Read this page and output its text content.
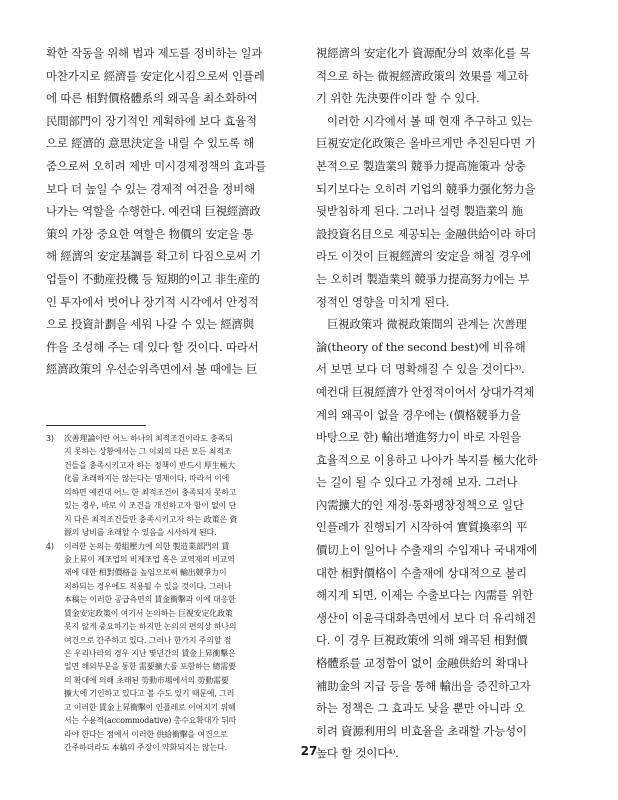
확한 작동을 위해 법과 제도를 정비하는 일과
마찬가지로 經濟를 安定化시킴으로써 인플레
에 따른 相對價格體系의 왜곡을 최소화하여
民間部門이 장기적인 계획하에 보다 효율적
으로 經濟的 意思決定을 내릴 수 있도록 해
줌으로써 오히려 제반 미시경제정책의 효과를
보다 더 높일 수 있는 경제적 여건을 정비해
나가는 역할을 수행한다. 예컨대 巨視經濟政
策의 가장 중요한 역할은 物價의 安定을 통
해 經濟의 安定基調를 확고히 다짐으로써 기
업들이 不動産投機 등 短期的이고 非生産的
인 투자에서 벗어나 장기적 시각에서 안정적
으로 投資計劃을 세워 나갈 수 있는 經濟與
件을 조성해 주는 데 있다 할 것이다. 따라서
經濟政策의 우선순위측면에서 볼 때에는 巨
視經濟의 安定化가 資源配分의 效率化를 목
적으로 하는 微視經濟政策의 效果를 제고하
기 위한 先決要件이라 할 수 있다.
이러한 시각에서 볼 때 현재 추구하고 있는
巨視安定化政策은 올바르게만 추진된다면 기
본적으로 製造業의 競爭力提高施策과 상충
되기보다는 오히려 기업의 競爭力强化努力을
뒷받침하게 된다. 그러나 설령 製造業의 施
設投資名目으로 제공되는 金融供給이라 하더
라도 이것이 巨視經濟의 安定을 해칠 경우에
는 오히려 製造業의 競爭力提高努力에는 부
정적인 영향을 미치게 된다.
巨視政策과 微視政策間의 관계는 次善理
論(theory of the second best)에 비유해
서 보면 보다 더 명확해질 수 있을 것이다³⁾.
예컨대 巨視經濟가 안정적이어서 상대가격체
계의 왜곡이 없을 경우에는 (價格競爭力을
바탕으로 한) 輸出增進努力이 바로 자원을
효율적으로 이용하고 나아가 복지를 極大化하
는 길이 될 수 있다고 가정해 보자. 그러나
內需擴大的인 재정·통화팽창정책으로 일단
인플레가 진행되기 시작하여 實質換率의 平
價切上이 일어나 수출재의 수입재나 국내재에
대한 相對價格이 수출재에 상대적으로 불리
해지게 되면, 이제는 수출보다는 內需를 위한
생산이 이윤극대화측면에서 보다 더 유리해진
다. 이 경우 巨視政策에 의해 왜곡된 相對價
格體系를 교정함이 없이 金融供給의 확대나
補助金의 지급 등을 통해 輸出을 증진하고자
하는 정책은 그 효과도 낮을 뿐만 아니라 오
히려 資源利用의 비효율을 초래할 가능성이
높다 할 것이다⁴⁾.
3) 次善理論이란 어느 하나의 최적조건이라도 충족되
지 못하는 상황에서는 그 이외의 다른 모든 최적조
건들을 충족시키고자 하는 정책이 반드시 厚生極大
化를 초래하지는 않는다는 명제이다. 따라서 이에
의하면 예컨대 어느 한 최적조건이 충족되지 못하고
있는 경우, 바로 이 조건을 개선하고자 함이 없이 단
지 다른 최적조건들만 충족시키고자 하는 政策은 資
源의 낭비를 초래할 수 있음을 시사하게 된다.
4) 이러한 논의는 勞組壓力에 의한 製造業部門의 賃
金上昇이 제조업의 비제조업 혹은 교역재의 비교역
재에 대한 相對價格을 높임으로써 輸出競爭力이
저하되는 경우에도 적용될 수 있을 것이다. 그러나
本稿는 이러한 공급측면의 賃金衝擊과 이에 대응한
賃金安定政策이 여기서 논의하는 巨視安定化政策
못지 않게 중요하기는 하지만 논의의 편의상 하나의
여건으로 간주하고 있다. 그러나 한가지 주의할 점
은 우리나라의 경우 지난 몇년간의 賃金上昇衝擊은
일면 해외부문을 통한 需要擴大를 포함하는 總需要
의 확대에 의해 초래된 勞動市場에서의 勞動需要
擴大에 기인하고 있다고 볼 수도 있기 때문에, 그러
고 이러한 賃金上昇衝擊이 인플레로 이어지기 위해
서는 수용적(accommodative) 총수요확대가 뒤따
라야 한다는 점에서 이러한 供給衝擊을 여건으로
간주하더라도 本稿의 주장이 약화되지는 않는다.	27
